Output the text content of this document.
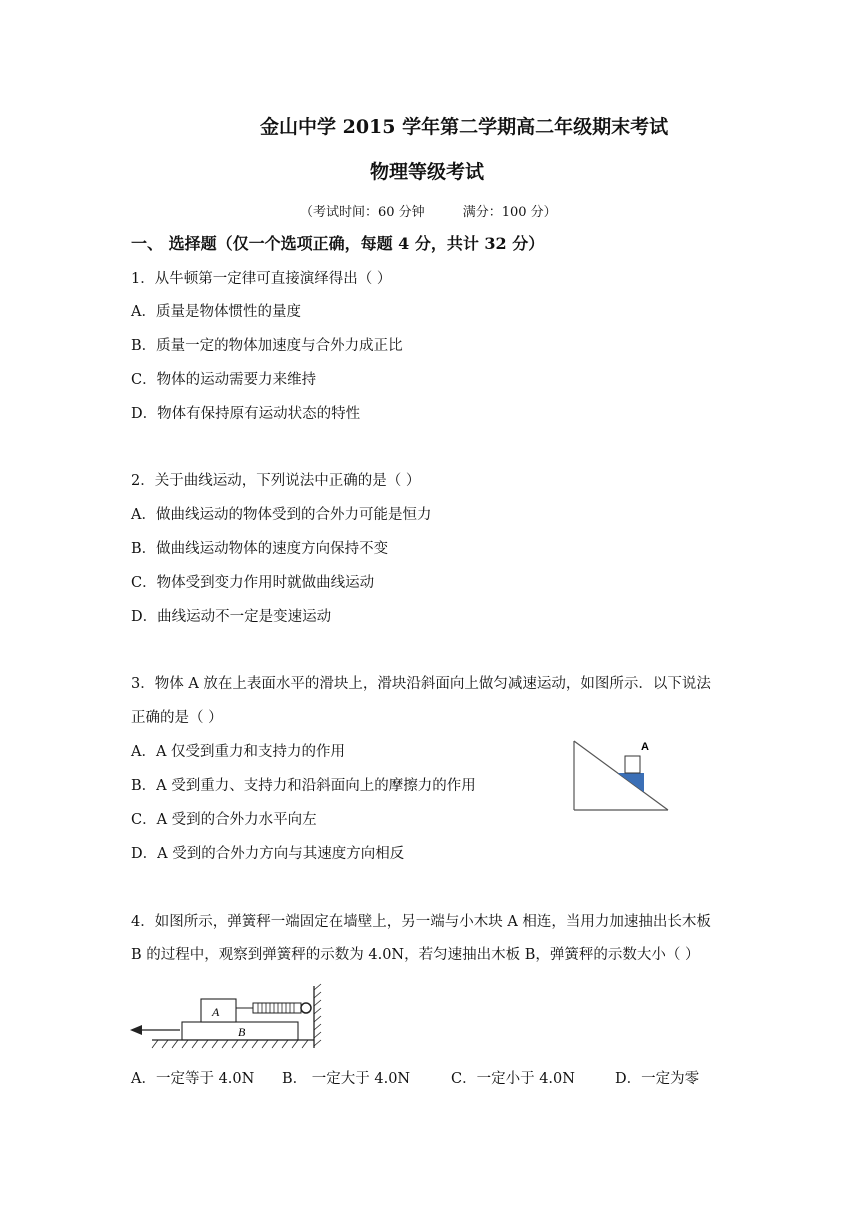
金山中学 2015 学年第二学期高二年级期末考试
物理等级考试
（考试时间：60 分钟	满分：100 分）
一、 选择题（仅一个选项正确，每题 4 分，共计 32 分）
1．从牛顿第一定律可直接演绎得出（ ）
A．质量是物体惯性的量度
B．质量一定的物体加速度与合外力成正比
C．物体的运动需要力来维持
D．物体有保持原有运动状态的特性
2．关于曲线运动，下列说法中正确的是（ ）
A．做曲线运动的物体受到的合外力可能是恒力
B．做曲线运动物体的速度方向保持不变
C．物体受到变力作用时就做曲线运动
D．曲线运动不一定是变速运动
3．物体 A 放在上表面水平的滑块上，滑块沿斜面向上做匀减速运动，如图所示．以下说法
正确的是（ ）
A．A 仅受到重力和支持力的作用
B．A 受到重力、支持力和沿斜面向上的摩擦力的作用
C．A 受到的合外力水平向左
D．A 受到的合外力方向与其速度方向相反
A
4．如图所示，弹簧秤一端固定在墙壁上，另一端与小木块 A 相连，当用力加速抽出长木板
B 的过程中，观察到弹簧秤的示数为 4.0N，若匀速抽出木板 B，弹簧秤的示数大小（ ）
B
A
A．一定等于 4.0N B． 一定大于 4.0N	C．一定小于 4.0N	D．一定为零
